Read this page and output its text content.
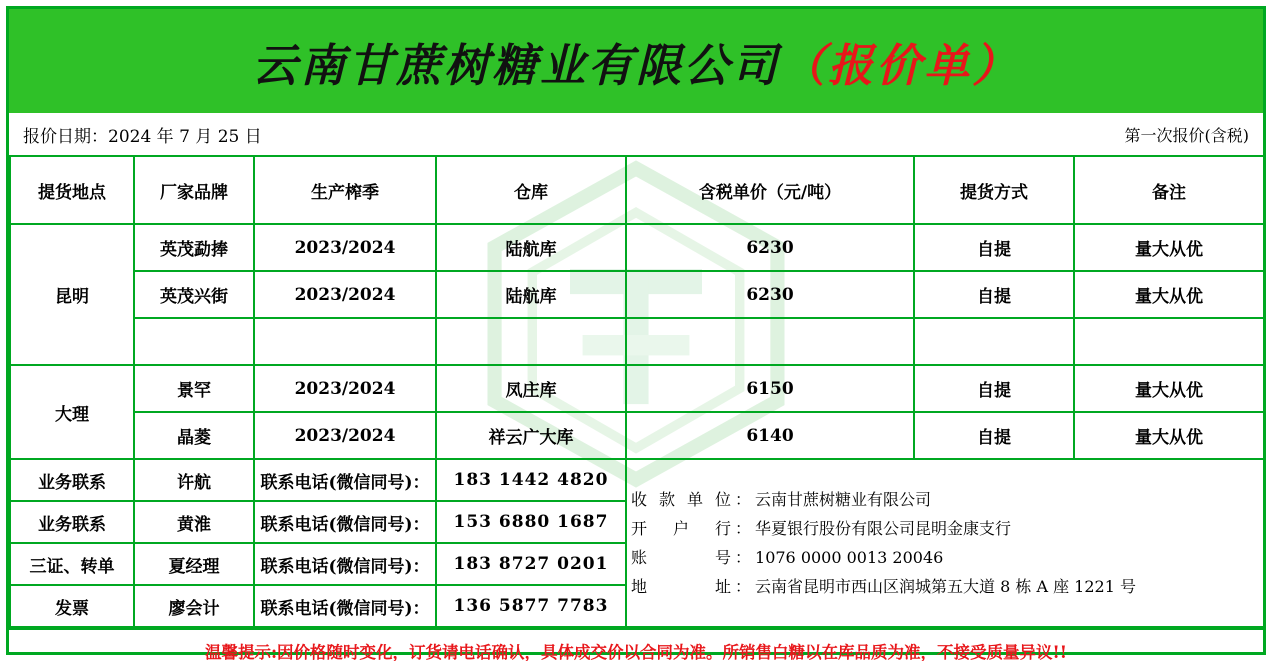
云南甘蔗树糖业有限公司（报价单）
报价日期：2024 年 7 月 25 日	第一次报价(含税)
提货地点	厂家品牌	生产榨季	仓库	含税单价（元/吨）	提货方式	备注
昆明	英茂勐捧	2023/2024	陆航库	6230	自提	量大从优
	英茂兴街	2023/2024	陆航库	6230	自提	量大从优

大理	景罕	2023/2024	凤庄库	6150	自提	量大从优
	晶菱	2023/2024	祥云广大库	6140	自提	量大从优
业务联系	许航	联系电话(微信同号)：	183 1442 4820	
收款单位 ： 云南甘蔗树糖业有限公司
开户行 ： 华夏银行股份有限公司昆明金康支行
账号 ： 1076 0000 0013 20046
地址 ： 云南省昆明市西山区润城第五大道 8 栋 A 座 1221 号

业务联系	黄淮	联系电话(微信同号)：	153 6880 1687			
三证、转单	夏经理	联系电话(微信同号)：	183 8727 0201			
发票	廖会计	联系电话(微信同号)：	136 5877 7783			
温馨提示:因价格随时变化，订货请电话确认，具体成交价以合同为准。所销售白糖以在库品质为准，不接受质量异议!!
